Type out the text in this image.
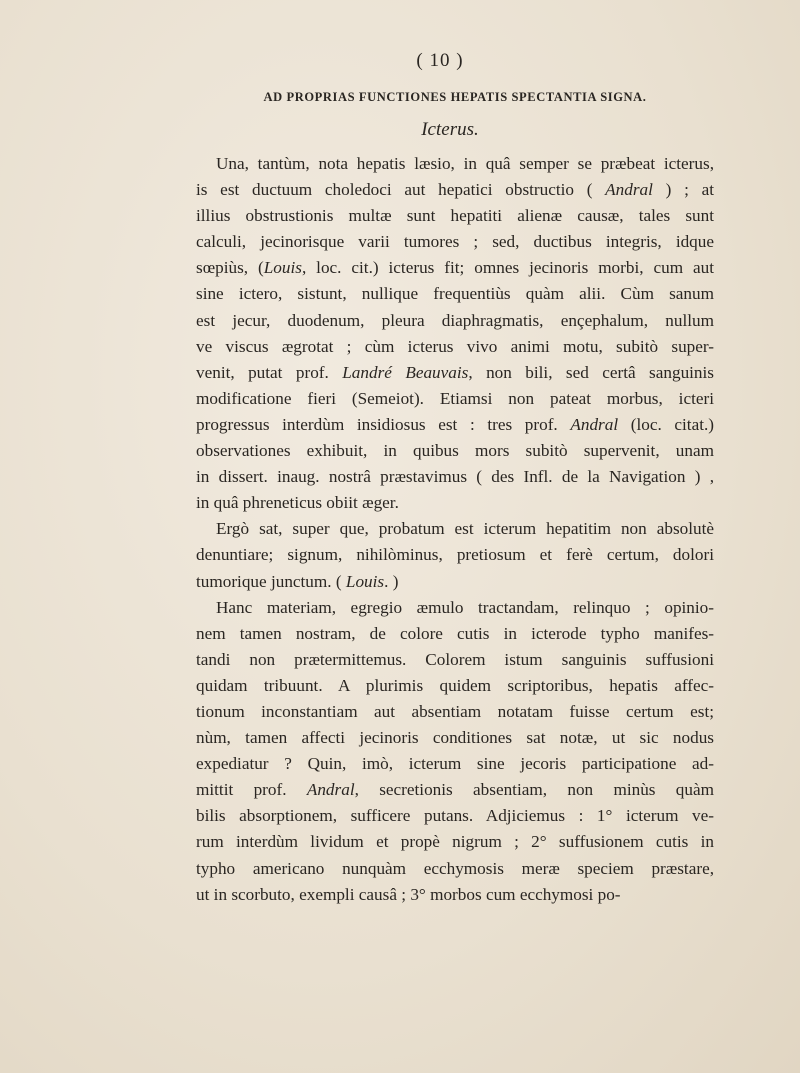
( 10 )
AD PROPRIAS FUNCTIONES HEPATIS SPECTANTIA SIGNA.
Icterus.
Una, tantùm, nota hepatis læsio, in quâ semper se præbeat icterus,
is est ductuum choledoci aut hepatici obstructio ( Andral ) ; at
illius obstrustionis multæ sunt hepatiti alienæ causæ, tales sunt
calculi, jecinorisque varii tumores ; sed, ductibus integris, idque
sœpiùs, (Louis, loc. cit.) icterus fit; omnes jecinoris morbi, cum aut
sine ictero, sistunt, nullique frequentiùs quàm alii. Cùm sanum
est jecur, duodenum, pleura diaphragmatis, ençephalum, nullum
ve viscus ægrotat ; cùm icterus vivo animi motu, subitò super-
venit, putat prof. Landré Beauvais, non bili, sed certâ sanguinis
modificatione fieri (Semeiot). Etiamsi non pateat morbus, icteri
progressus interdùm insidiosus est : tres prof. Andral (loc. citat.)
observationes exhibuit, in quibus mors subitò supervenit, unam
in dissert. inaug. nostrâ præstavimus ( des Infl. de la Navigation ) ,
in quâ phreneticus obiit æger.
Ergò sat, super que, probatum est icterum hepatitim non absolutè
denuntiare; signum, nihilòminus, pretiosum et ferè certum, dolori
tumorique junctum. ( Louis. )
Hanc materiam, egregio æmulo tractandam, relinquo ; opinio-
nem tamen nostram, de colore cutis in icterode typho manifes-
tandi non prætermittemus. Colorem istum sanguinis suffusioni
quidam tribuunt. A plurimis quidem scriptoribus, hepatis affec-
tionum inconstantiam aut absentiam notatam fuisse certum est;
nùm, tamen affecti jecinoris conditiones sat notæ, ut sic nodus
expediatur ? Quin, imò, icterum sine jecoris participatione ad-
mittit prof. Andral, secretionis absentiam, non minùs quàm
bilis absorptionem, sufficere putans. Adjiciemus : 1° icterum ve-
rum interdùm lividum et propè nigrum ; 2° suffusionem cutis in
typho americano nunquàm ecchymosis meræ speciem præstare,
ut in scorbuto, exempli causâ ; 3° morbos cum ecchymosi po-
